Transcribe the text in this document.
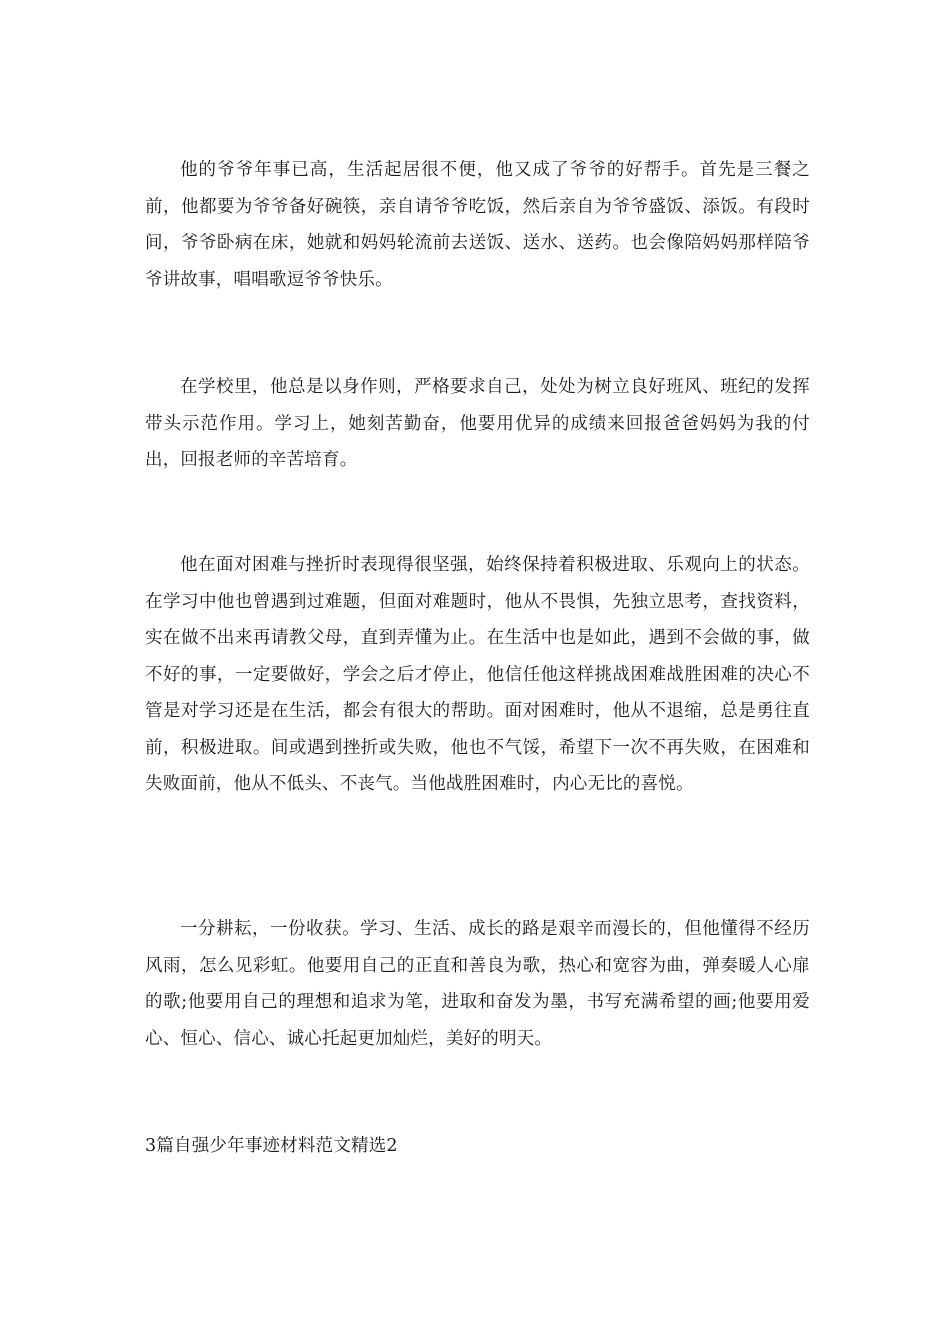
他的爷爷年事已高，生活起居很不便，他又成了爷爷的好帮手。首先是三餐之前，他都要为爷爷备好碗筷，亲自请爷爷吃饭，然后亲自为爷爷盛饭、添饭。有段时间，爷爷卧病在床，她就和妈妈轮流前去送饭、送水、送药。也会像陪妈妈那样陪爷爷讲故事，唱唱歌逗爷爷快乐。

在学校里，他总是以身作则，严格要求自己，处处为树立良好班风、班纪的发挥带头示范作用。学习上，她刻苦勤奋，他要用优异的成绩来回报爸爸妈妈为我的付出，回报老师的辛苦培育。

他在面对困难与挫折时表现得很坚强，始终保持着积极进取、乐观向上的状态。在学习中他也曾遇到过难题，但面对难题时，他从不畏惧，先独立思考，查找资料，实在做不出来再请教父母，直到弄懂为止。在生活中也是如此，遇到不会做的事，做不好的事，一定要做好，学会之后才停止，他信任他这样挑战困难战胜困难的决心不管是对学习还是在生活，都会有很大的帮助。面对困难时，他从不退缩，总是勇往直前，积极进取。间或遇到挫折或失败，他也不气馁，希望下一次不再失败，在困难和失败面前，他从不低头、不丧气。当他战胜困难时，内心无比的喜悦。

一分耕耘，一份收获。学习、生活、成长的路是艰辛而漫长的，但他懂得不经历风雨，怎么见彩虹。他要用自己的正直和善良为歌，热心和宽容为曲，弹奏暖人心扉的歌;他要用自己的理想和追求为笔，进取和奋发为墨，书写充满希望的画;他要用爱心、恒心、信心、诚心托起更加灿烂，美好的明天。

3篇自强少年事迹材料范文精选2
